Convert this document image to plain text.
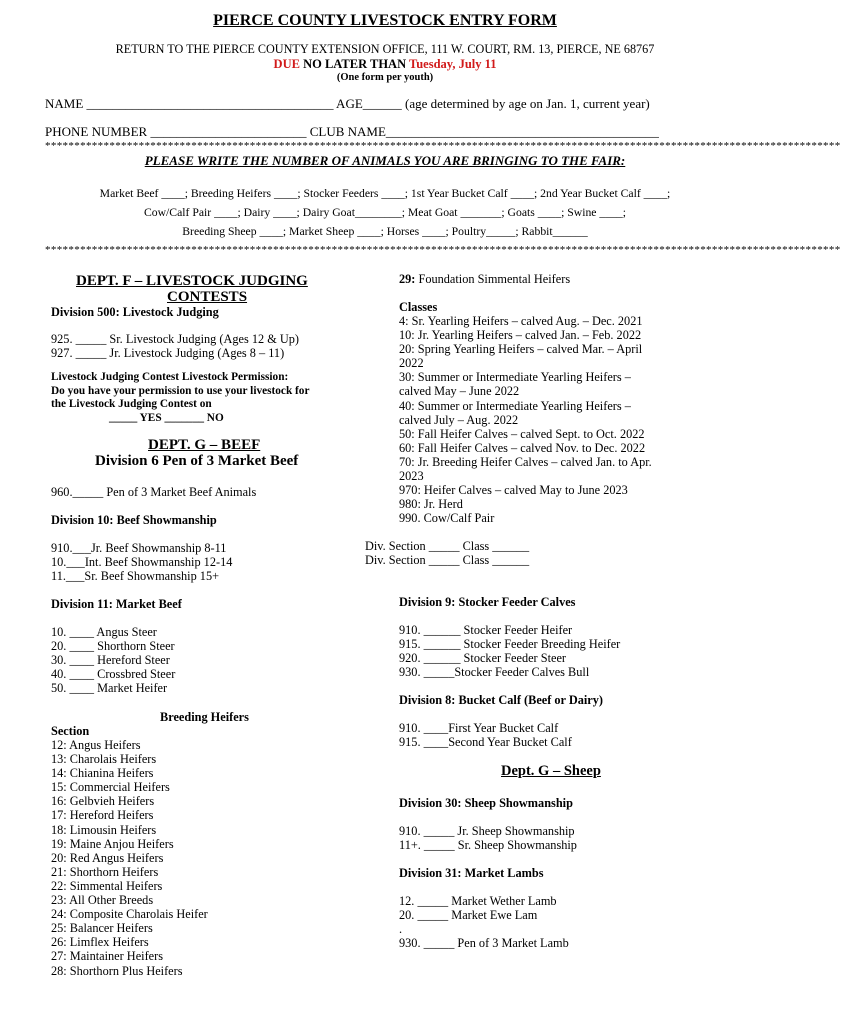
PIERCE COUNTY LIVESTOCK ENTRY FORM
RETURN TO THE PIERCE COUNTY EXTENSION OFFICE, 111 W. COURT, RM. 13, PIERCE, NE 68767
DUE NO LATER THAN Tuesday, July 11
(One form per youth)
NAME ______________________________________ AGE______ (age determined by age on Jan. 1, current year)
PHONE NUMBER ________________________ CLUB NAME__________________________________________
****************************************************************************************************************************************
PLEASE WRITE THE NUMBER OF ANIMALS YOU ARE BRINGING TO THE FAIR:
Market Beef ____; Breeding Heifers ____; Stocker Feeders ____; 1st Year Bucket Calf ____; 2nd Year Bucket Calf ____;
Cow/Calf Pair ____; Dairy ____; Dairy Goat________; Meat Goat _______; Goats ____; Swine ____;
Breeding Sheep ____; Market Sheep ____; Horses ____; Poultry_____; Rabbit______
****************************************************************************************************************************************
DEPT. F – LIVESTOCK JUDGING
CONTESTS
Division 500: Livestock Judging
925. _____ Sr. Livestock Judging (Ages 12 & Up)
927. _____ Jr. Livestock Judging (Ages 8 – 11)
Livestock Judging Contest Livestock Permission:
Do you have your permission to use your livestock for
the Livestock Judging Contest on
_____ YES _______ NO
DEPT. G – BEEF
Division 6 Pen of 3 Market Beef
960._____ Pen of 3 Market Beef Animals
Division 10: Beef Showmanship
910.___Jr. Beef Showmanship 8-11
10.___Int. Beef Showmanship 12-14
11.___Sr. Beef Showmanship 15+
Division 11: Market Beef
10. ____ Angus Steer
20. ____ Shorthorn Steer
30. ____ Hereford Steer
40. ____ Crossbred Steer
50. ____ Market Heifer
Breeding Heifers
Section
12: Angus Heifers
13: Charolais Heifers
14: Chianina Heifers
15: Commercial Heifers
16: Gelbvieh Heifers
17: Hereford Heifers
18: Limousin Heifers
19: Maine Anjou Heifers
20: Red Angus Heifers
21: Shorthorn Heifers
22: Simmental Heifers
23: All Other Breeds
24: Composite Charolais Heifer
25: Balancer Heifers
26: Limflex Heifers
27: Maintainer Heifers
28: Shorthorn Plus Heifers
29: Foundation Simmental Heifers
Classes
4: Sr. Yearling Heifers – calved Aug. – Dec. 2021
10: Jr. Yearling Heifers – calved Jan. – Feb. 2022
20: Spring Yearling Heifers – calved Mar. – April
2022
30: Summer or Intermediate Yearling Heifers –
calved May – June 2022
40: Summer or Intermediate Yearling Heifers –
calved July – Aug. 2022
50: Fall Heifer Calves – calved Sept. to Oct. 2022
60: Fall Heifer Calves – calved Nov. to Dec. 2022
70: Jr. Breeding Heifer Calves – calved Jan. to Apr.
2023
970: Heifer Calves – calved May to June 2023
980: Jr. Herd
990. Cow/Calf Pair
Div. Section _____ Class ______
Div. Section _____ Class ______
Division 9: Stocker Feeder Calves
910. ______ Stocker Feeder Heifer
915. ______ Stocker Feeder Breeding Heifer
920. ______ Stocker Feeder Steer
930. _____Stocker Feeder Calves Bull
Division 8: Bucket Calf (Beef or Dairy)
910. ____First Year Bucket Calf
915. ____Second Year Bucket Calf
Dept. G – Sheep
Division 30: Sheep Showmanship
910. _____ Jr. Sheep Showmanship
11+. _____ Sr. Sheep Showmanship
Division 31: Market Lambs
12. _____ Market Wether Lamb
20. _____ Market Ewe Lam
.
930. _____ Pen of 3 Market Lamb
